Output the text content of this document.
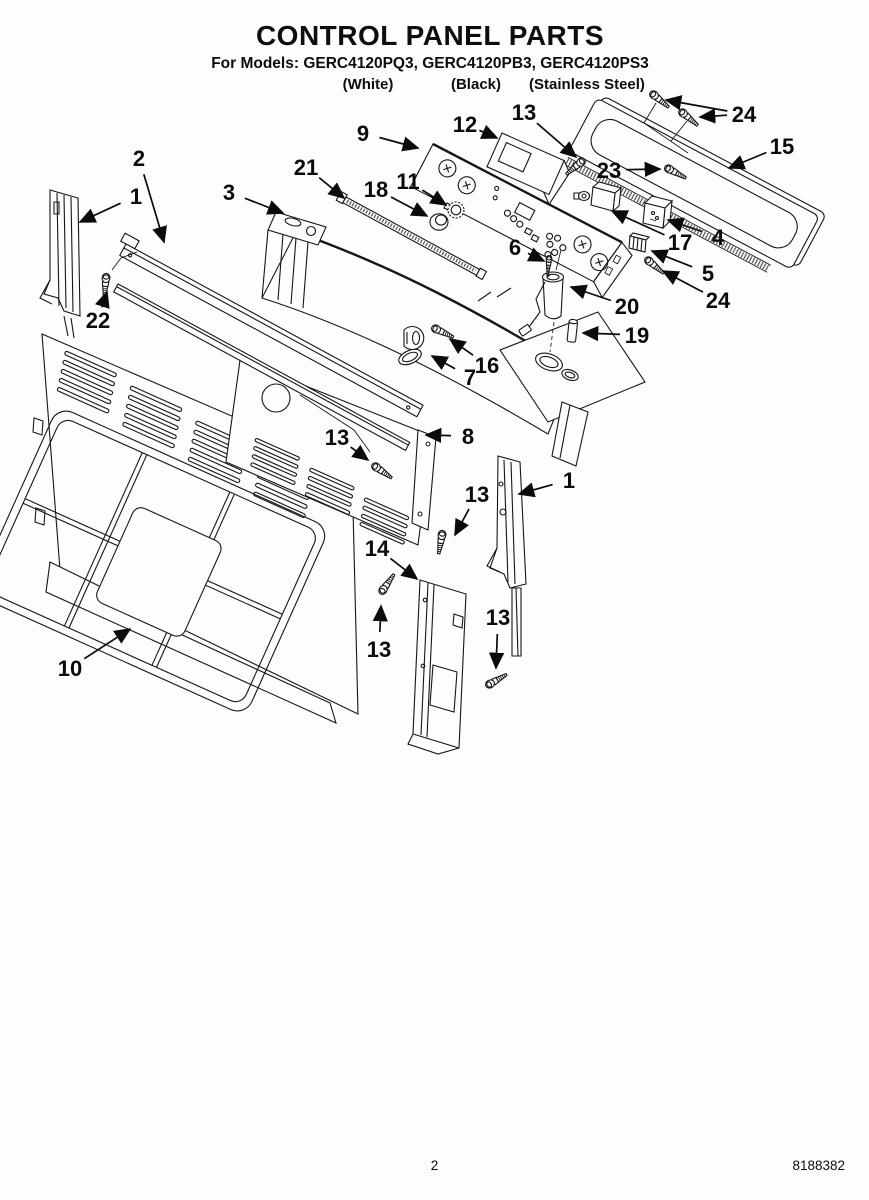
CONTROL PANEL PARTS
For Models: GERC4120PQ3, GERC4120PB3, GERC4120PS3
(White)	(Black)	(Stainless Steel)
9	12 13
23
24
15
2
1	3
21
18 11
6	17 4
5
24
20
19
22
16
7
13	8
13
1
14
13
13
10
2	8188382
